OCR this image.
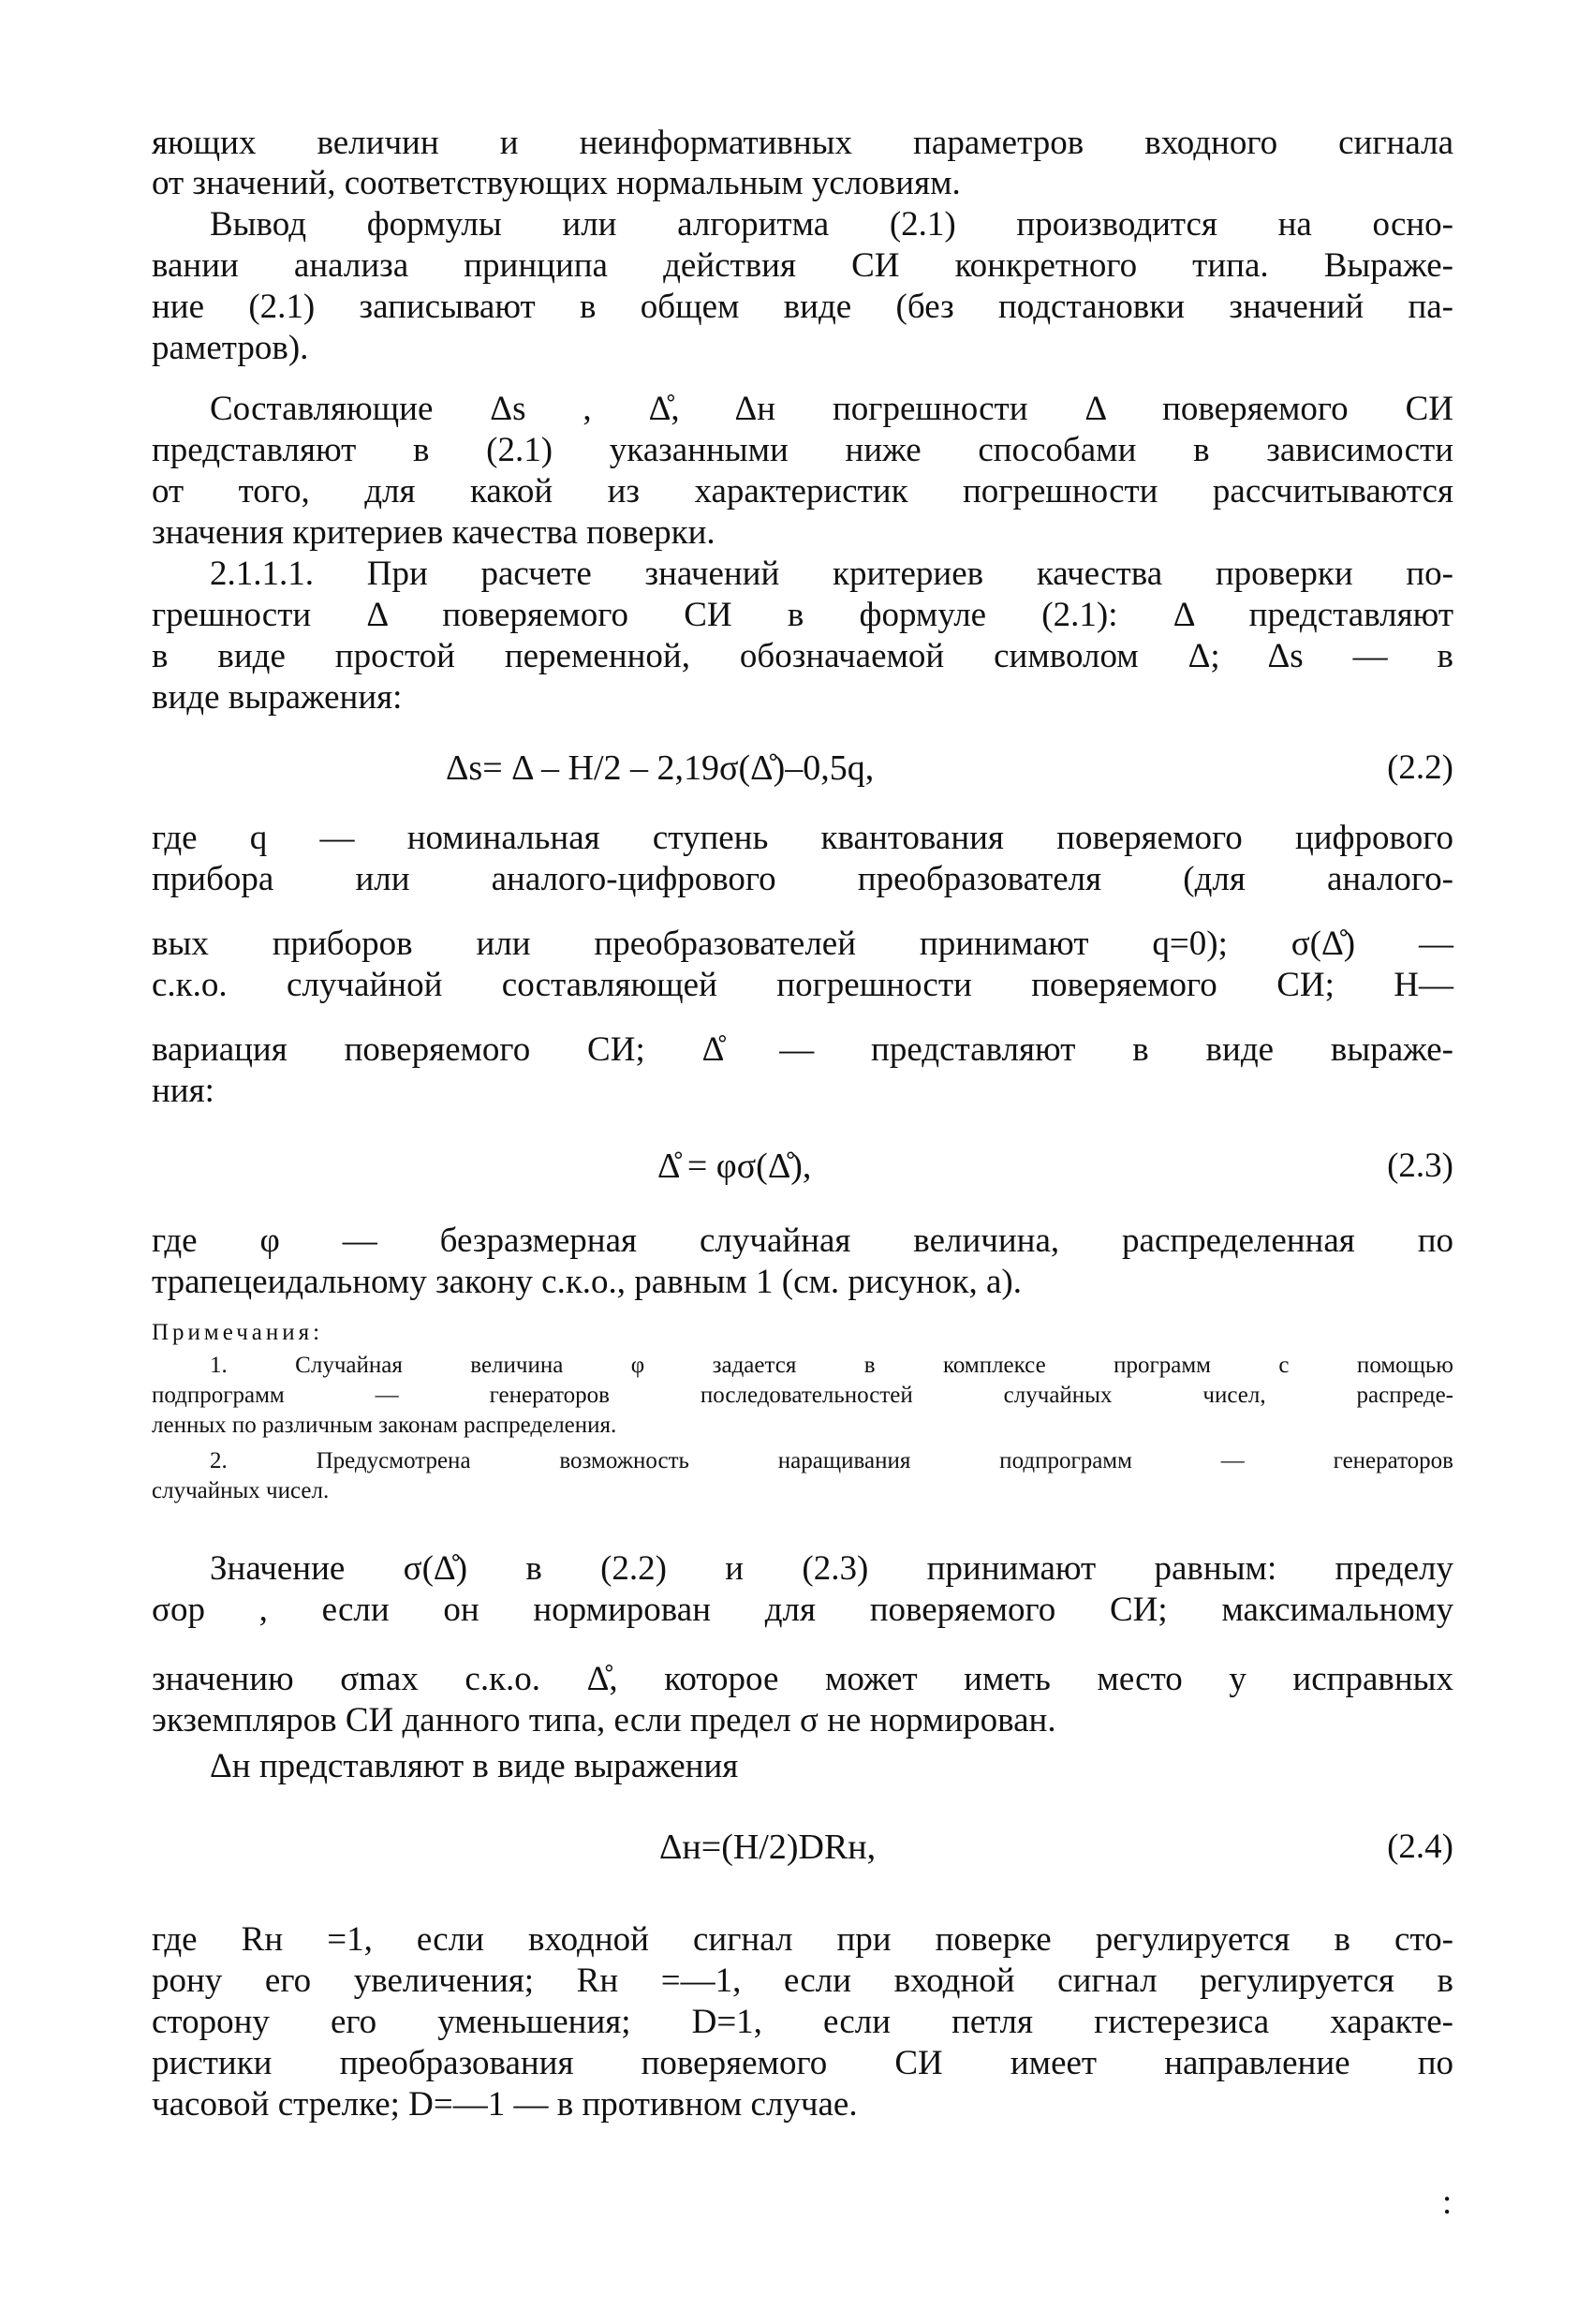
яющих величин и неинформативных параметров входного сигнала

от значений, соответствующих нормальным условиям.

Вывод формулы или алгоритма (2.1) производится на осно-

вании анализа принципа действия СИ конкретного типа. Выраже-

ние (2.1) записывают в общем виде (без подстановки значений па-

раметров).

Составляющие Δs , Δ̊, Δн погрешности Δ поверяемого СИ

представляют в (2.1) указанными ниже способами в зависимости

от того, для какой из характеристик погрешности рассчитываются

значения критериев качества поверки.

2.1.1.1. При расчете значений критериев качества проверки по-

грешности Δ поверяемого СИ в формуле (2.1): Δ представляют

в виде простой переменной, обозначаемой символом Δ; Δs — в

виде выражения:

Δs= Δ – H/2 – 2,19σ(Δ̊)–0,5q,	(2.2)

где q — номинальная ступень квантования поверяемого цифрового

прибора или аналого-цифрового преобразователя (для аналого-

вых приборов или преобразователей принимают q=0); σ(Δ̊) —

с.к.о. случайной составляющей погрешности поверяемого СИ; H—

вариация поверяемого СИ; Δ̊ — представляют в виде выраже-

ния:

Δ̊ = φσ(Δ̊),	(2.3)

где φ — безразмерная случайная величина, распределенная по

трапецеидальному закону с.к.о., равным 1 (см. рисунок, a).

Примечания:

1. Случайная величина φ задается в комплексе программ с помощью

подпрограмм — генераторов последовательностей случайных чисел, распреде-

ленных по различным законам распределения.

2. Предусмотрена возможность наращивания подпрограмм — генераторов

случайных чисел.

Значение σ(Δ̊) в (2.2) и (2.3) принимают равным: пределу

σор , если он нормирован для поверяемого СИ; максимальному

значению σmax с.к.о. Δ̊, которое может иметь место у исправных

экземпляров СИ данного типа, если предел σ не нормирован.

Δн представляют в виде выражения

Δн=(H/2)DRн,	(2.4)

где Rн =1, если входной сигнал при поверке регулируется в сто-

рону его увеличения; Rн =—1, если входной сигнал регулируется в

сторону его уменьшения; D=1, если петля гистерезиса характе-

ристики преобразования поверяемого СИ имеет направление по

часовой стрелке; D=—1 — в противном случае.

:
